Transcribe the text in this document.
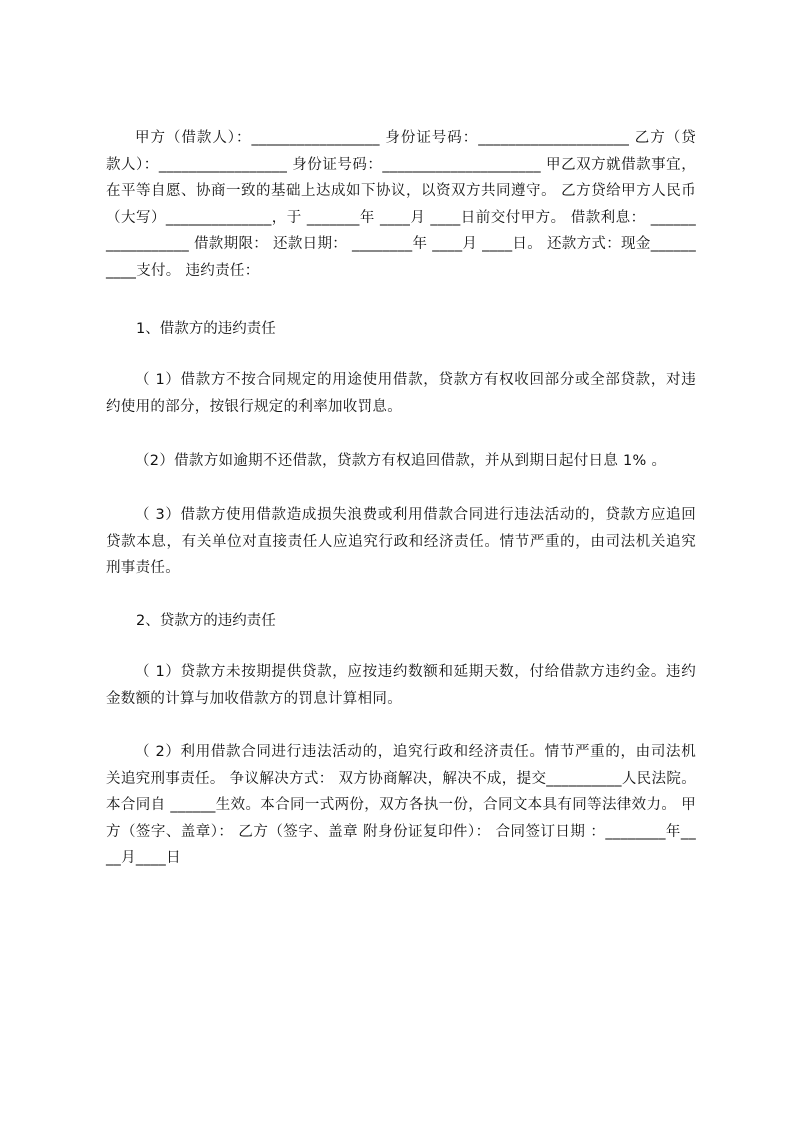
甲方（借款人）：_________________ 身份证号码：____________________ 乙方（贷款人）：_________________ 身份证号码：_____________________ 甲乙双方就借款事宜，在平等自愿、协商一致的基础上达成如下协议，以资双方共同遵守。 乙方贷给甲方人民币（大写）______________，于 _______年 ____月 ____日前交付甲方。 借款利息： _________________ 借款期限： 还款日期： ________年 ____月 ____日。 还款方式：现金__________支付。 违约责任：

1、借款方的违约责任

（ 1）借款方不按合同规定的用途使用借款，贷款方有权收回部分或全部贷款，对违约使用的部分，按银行规定的利率加收罚息。

（2）借款方如逾期不还借款，贷款方有权追回借款，并从到期日起付日息 1% 。

（ 3）借款方使用借款造成损失浪费或利用借款合同进行违法活动的，贷款方应追回贷款本息，有关单位对直接责任人应追究行政和经济责任。情节严重的，由司法机关追究刑事责任。

2、贷款方的违约责任

（ 1）贷款方未按期提供贷款，应按违约数额和延期天数，付给借款方违约金。违约金数额的计算与加收借款方的罚息计算相同。

（ 2）利用借款合同进行违法活动的，追究行政和经济责任。情节严重的，由司法机关追究刑事责任。 争议解决方式： 双方协商解决，解决不成，提交__________人民法院。 本合同自 ______生效。本合同一式两份，双方各执一份，合同文本具有同等法律效力。 甲方（签字、盖章）： 乙方（签字、盖章 附身份证复印件）： 合同签订日期 ：________年____月____日
